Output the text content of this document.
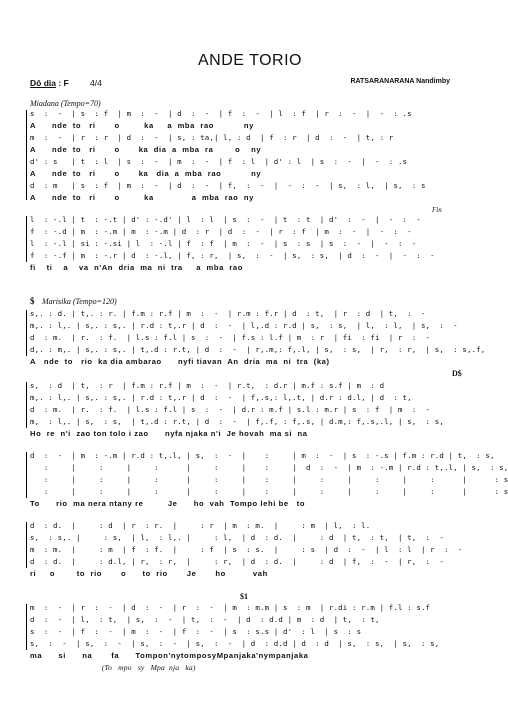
ANDE TORIO
Dô dia : F	4/4	RATSARANARANA Nandimby
Miadana (Tempo=70)
s  :  -  | s  : f  | m  :  -  | d  :  -  | f  :  -  | l  : f  | r  :  -  |  -  : .s
A      nde  to   ri       o         ka     a  mba  rao           ny
m  :  -  | r  : r  | d  :  -  | s, : ta,| l, : d  | f  : r  | d  :  -  | t, : r
A      nde  to   ri       o       ka  dia  a  mba  ra        o    ny
d' : s   | t  : l  | s  :  -  | m  :  -  | f  : l  | d' : l  | s  :  -  |  -  : .s
A      nde  to   ri       o       ka   dia  a  mba  rao           ny
d  : m   | s  : f  | m  :  -  | d  :  -  | f,  :  -  |  -  :  -  | s,  : l,  | s,  : s
A      nde  to   ri       o         ka              a  mba  rao  ny
Fin
l  : -.l | t  : -.t | d' : -.d' | l  : l  | s  :  -  | t  : t  | d'  :  -  |  -  :  -
f  : -.d | m  : -.m | m  : -.m | d  : r  | d  :  -  | r  : f  | m  :  -  |  -  :  -
l  : -.l | si : -.si | l  : -.l | f  : f  | m  :  -  | s  : s  | s  :  -  |  -  :  -
f  : -.f | m  : -.r | d  : -.l, | f, : r,  | s,  :  -  | s,  : s,  | d  :  -  |  -  :  -
fi    ti    a    va  n'An  dria  ma  ni  tra     a  mba  rao
$ Marisika (Tempo=120)
s,. : d. | t,. : r. | f.m : r.f | m  :  -  | r.m : f.r | d  : t,  | r  : d  | t,  :  -
m,. : l,. | s,. : s,. | r.d : t,.r | d  :  -  | l,.d : r.d | s,  : s,  | l,  : l,  | s,  :  -
d  : m.  | r.  : f.  | l.s : f.l | s  :  -  | f.s : l.f | m  : r  | fi  : fi  | r  :  -
d,. : m,. | s,. : s,. | t,.d : r.t, | d  :  -  | r,.m,: f,.l, | s,  : s,  | r,  : r,  | s,  : s,.f,
A   nde  to   rio  ka dia ambarao      nyfi tiavan  An  dria  ma  ni  tra  (ka)
D$
s,  : d  | t,  : r  | f.m : r.f | m  :  -  | r.t,  : d.r | m.f : s.f | m  : d
m,. : l,. | s,. : s,. | r.d : t,.r | d  :  -  | f,.s,: l,.t, | d.r : d.l, | d  : t,
d  : m.  | r.  : f.  | l.s : f.l | s  :  -  | d.r : m.f | s.l : m.r | s  : f  | m  :  -
m,  : l,. | s,  : s,  | t,.d : r.t, | d  :  -  | f,.f, : f,.s, | d.m,: f,.s,.l, | s,  : s,
Ho  re  n'i  zao ton tolo i zao      nyfa njaka n'i  Je hovah  ma si  na
d  :  -  | m  : -.m | r.d : t,.l, | s,  :  -  |    :     | m  :  -  | s  : -.s | f.m : r.d | t,  : s,
:     |     :     |     :      |     :     |    :     |  d  :  -  | m  : -.m | r.d : t,.l, | s,  : s,
:     |     :     |     :      |     :     |    :     |     :     |     :     |     :      |      : s
:     |     :     |     :      |     :     |    :     |     :     |     :     |     :      |      : s
To      rio  ma nera ntany re         Je      ho  vah  Tompo lehi be   to
d  : d.  |     : d  | r  : r.  |     : r  | m  : m.  |     : m  | l,  : l.
s,  : s,. |     : s,  | l,  : l,. |     : l,  | d  : d.  |     : d  | t,  : t,  | t,  :  -
m  : m.  |     : m  | f  : f.  |     : f  | s  : s.  |     : s  | d  :  -  | l  : l  | r  :  -
d  : d.  |     : d.l, | r,  : r,  |     : r,  | d  : d.  |     : d  | f,  :  -  | r,  :  -
ri     o        to  rio       o      to  rio       Je       ho          vah
$1
m  :  -  | r  :  -  | d  :  -  | r  :  -  | m  : m.m | s  : m  | r.di : r.m | f.l : s.f
d  :  -  | l,  : t,  | s,  :  -  | t,  :  -  | d  : d.d | m  : d  | t,  : t,
s  :  -  | f  :  -  | m  :  -  | f  :  -  | s  : s.s | d'  : l  | s  : s
s,  :  -  | s,  :  -  | s,  :  -  | s,  :  -  | d  : d.d | d  : d  | s,  : s,  | s,  : s,
ma      si      na       fa      Tompon'nytomposyMpanjaka'nympanjaka
(To   mpo   sy   Mpa  nja   ka)
